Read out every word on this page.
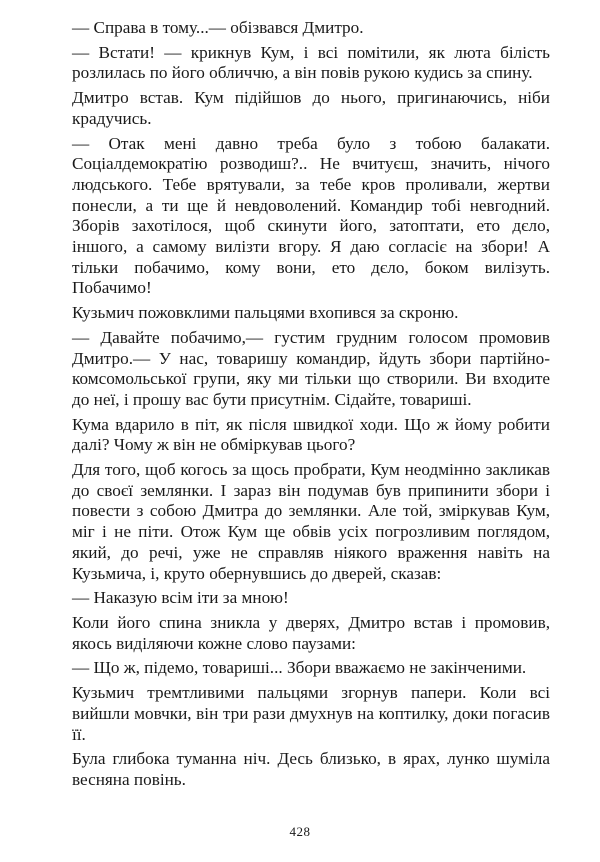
— Справа в тому...— обізвався Дмитро.

— Встати! — крикнув Кум, і всі помітили, як люта білість розлилась по його обличчю, а він повів рукою кудись за спину.

Дмитро встав. Кум підійшов до нього, пригинаючись, ніби крадучись.

— Отак мені давно треба було з тобою балакати. Соціалдемократію розводиш?.. Не вчитуєш, значить, нічого людського. Тебе врятували, за тебе кров проливали, жертви понесли, а ти ще й невдоволений. Командир тобі невгодний. Зборів захотілося, щоб скинути його, затоптати, ето дєло, іншого, а самому вилізти вгору. Я даю согласіє на збори! А тільки побачимо, кому вони, ето дєло, боком вилізуть. Побачимо!

Кузьмич пожовклими пальцями вхопився за скроню.

— Давайте побачимо,— густим грудним голосом промовив Дмитро.— У нас, товаришу командир, йдуть збори партійно-комсомольської групи, яку ми тільки що створили. Ви входите до неї, і прошу вас бути присутнім. Сідайте, товариші.

Кума вдарило в піт, як після швидкої ходи. Що ж йому робити далі? Чому ж він не обміркував цього?

Для того, щоб когось за щось пробрати, Кум неодмінно закликав до своєї землянки. І зараз він подумав був припинити збори і повести з собою Дмитра до землянки. Але той, зміркував Кум, міг і не піти. Отож Кум ще обвів усіх погрозливим поглядом, який, до речі, уже не справляв ніякого враження навіть на Кузьмича, і, круто обернувшись до дверей, сказав:

— Наказую всім іти за мною!

Коли його спина зникла у дверях, Дмитро встав і промовив, якось виділяючи кожне слово паузами:

— Що ж, підемо, товариші... Збори вважаємо не закінченими.

Кузьмич тремтливими пальцями згорнув папери. Коли всі вийшли мовчки, він три рази дмухнув на коптилку, доки погасив її.

Була глибока туманна ніч. Десь близько, в ярах, лунко шуміла весняна повінь.

428
